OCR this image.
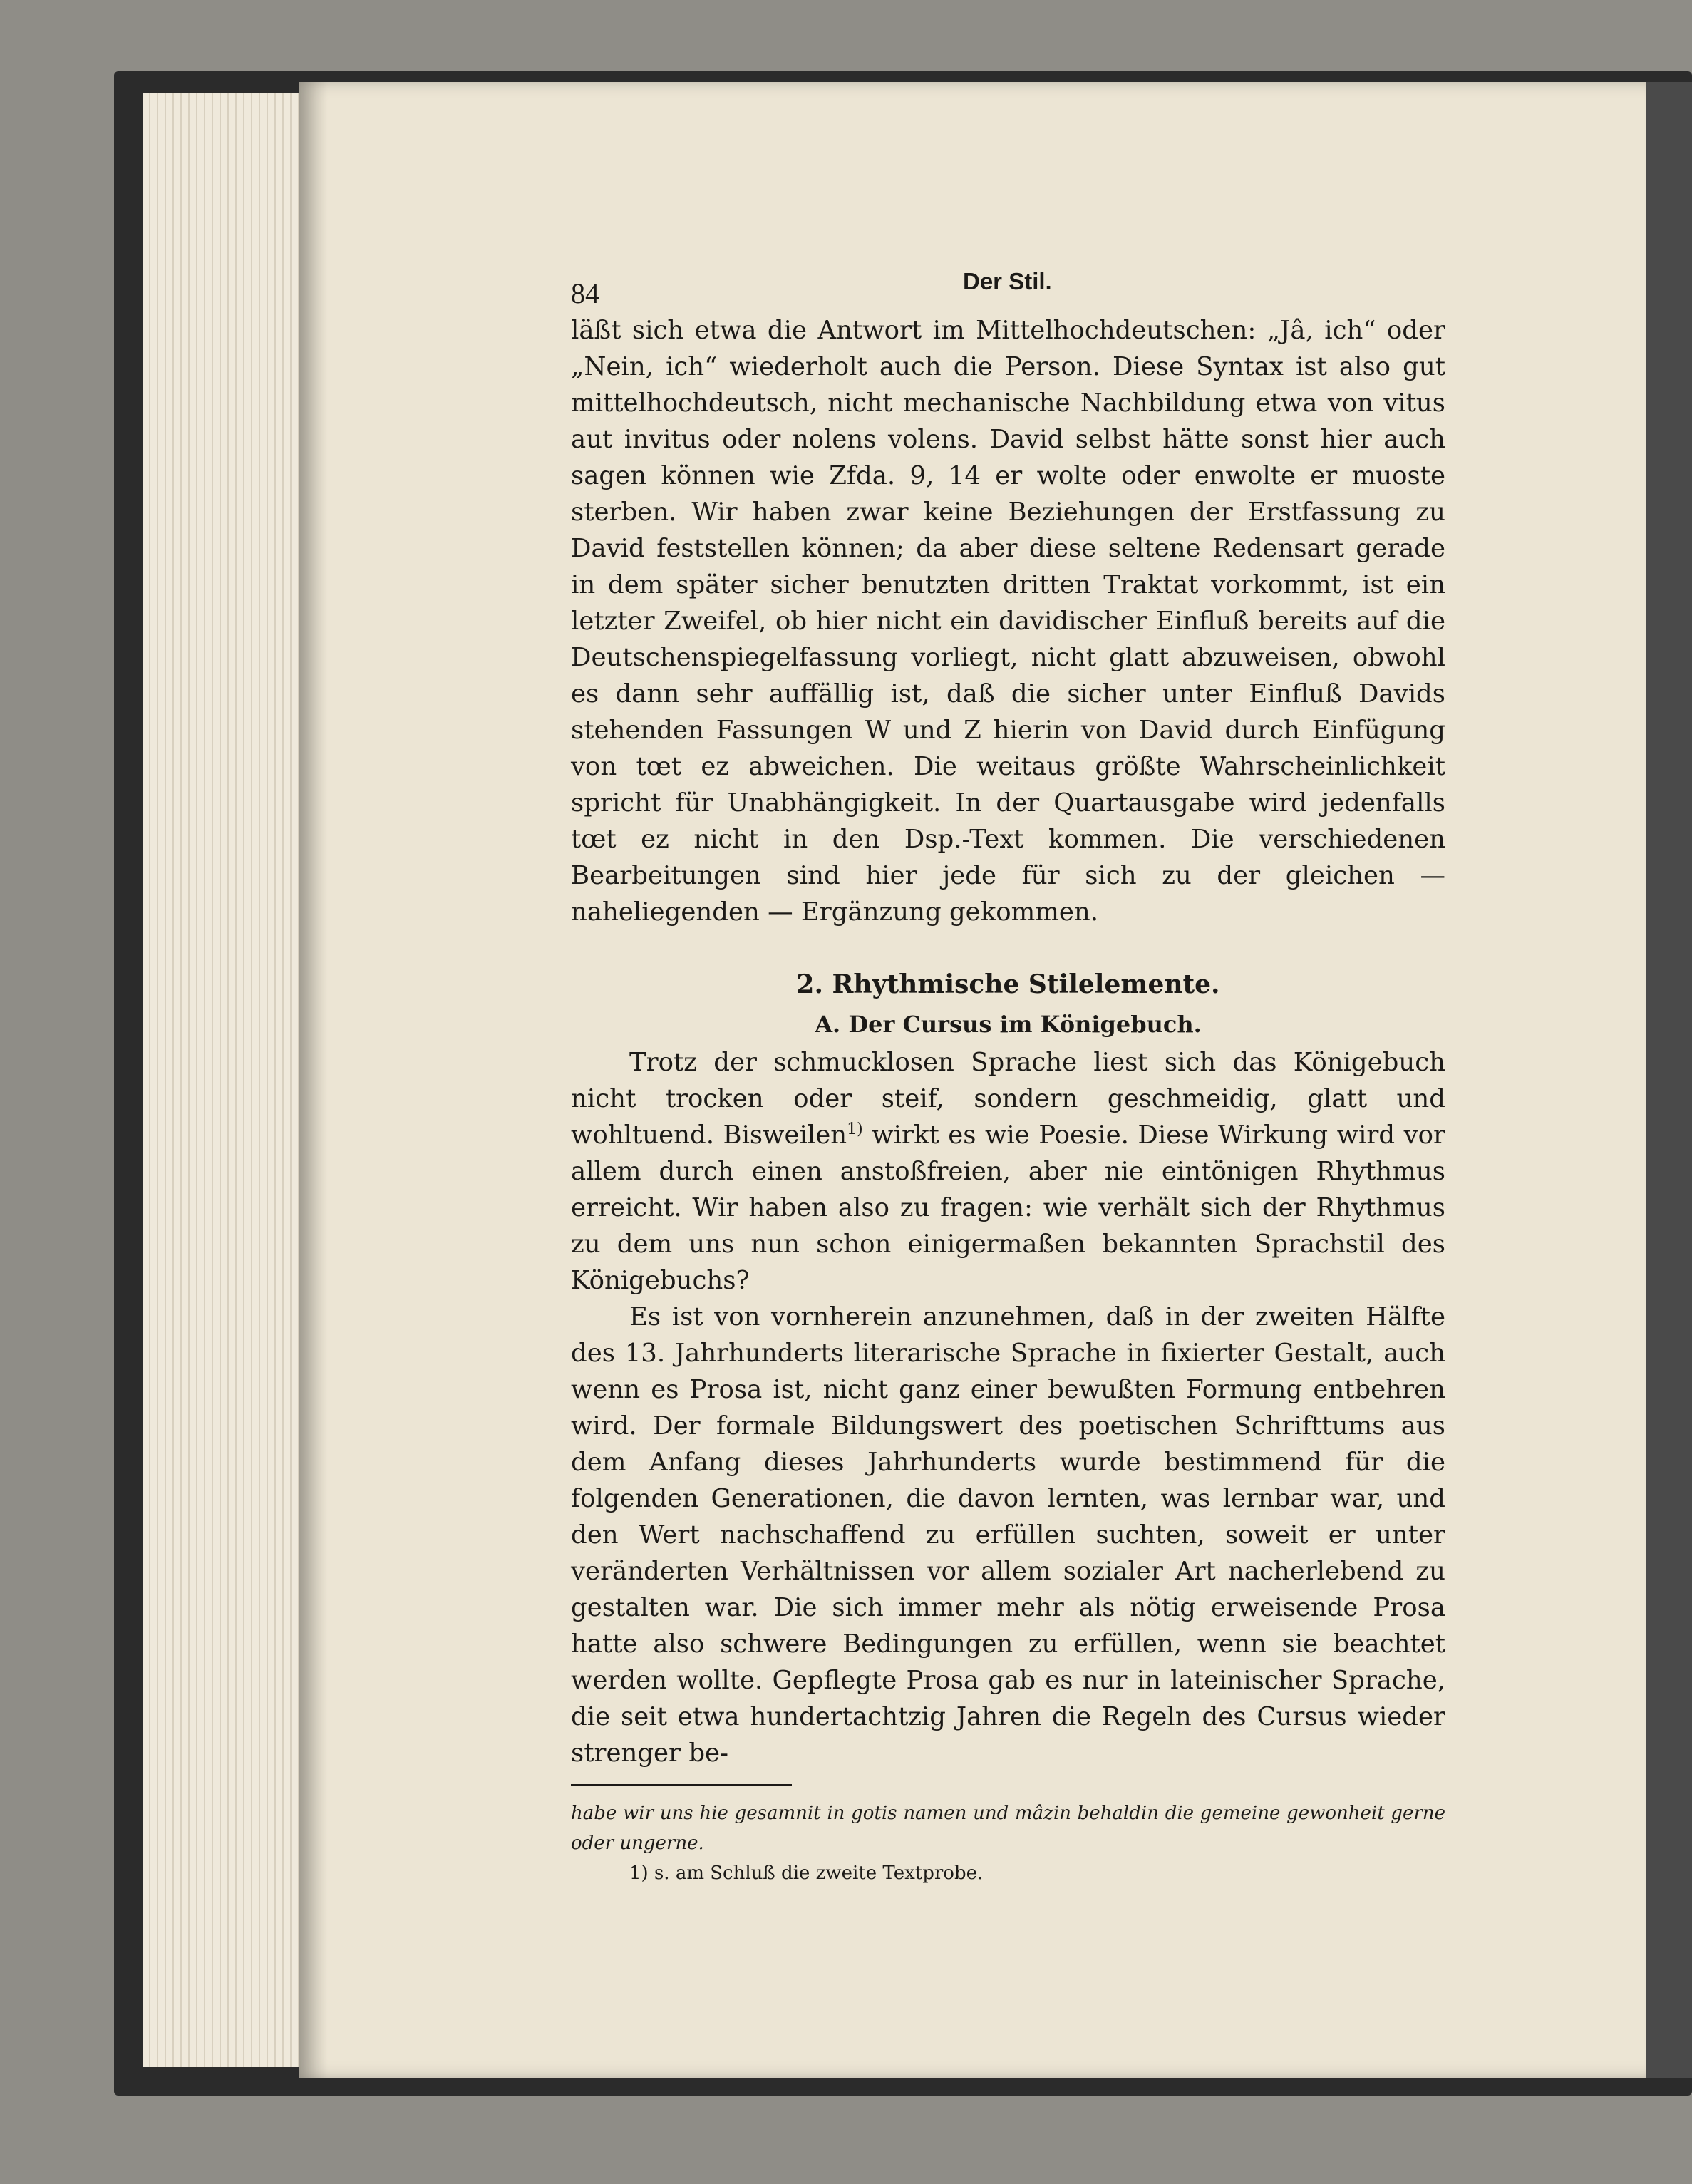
84	Der Stil.

läßt sich etwa die Antwort im Mittelhochdeutschen: „Jâ, ich“ oder „Nein, ich“ wiederholt auch die Person. Diese Syntax ist also gut mittelhochdeutsch, nicht mechanische Nachbildung etwa von vitus aut invitus oder nolens volens. David selbst hätte sonst hier auch sagen können wie Zfda. 9, 14 er wolte oder enwolte er muoste sterben. Wir haben zwar keine Beziehungen der Erstfassung zu David feststellen können; da aber diese seltene Redensart gerade in dem später sicher benutzten dritten Traktat vorkommt, ist ein letzter Zweifel, ob hier nicht ein davidischer Einfluß bereits auf die Deutschenspiegelfassung vorliegt, nicht glatt abzuweisen, obwohl es dann sehr auffällig ist, daß die sicher unter Einfluß Davids stehenden Fassungen W und Z hierin von David durch Einfügung von tœt ez abweichen. Die weitaus größte Wahrscheinlichkeit spricht für Unabhängigkeit. In der Quartausgabe wird jedenfalls tœt ez nicht in den Dsp.-Text kommen. Die verschiedenen Bearbeitungen sind hier jede für sich zu der gleichen — naheliegenden — Ergänzung gekommen.

2. Rhythmische Stilelemente.

A. Der Cursus im Königebuch.

Trotz der schmucklosen Sprache liest sich das Königebuch nicht trocken oder steif, sondern geschmeidig, glatt und wohltuend. Bisweilen$^{1)}$ wirkt es wie Poesie. Diese Wirkung wird vor allem durch einen anstoßfreien, aber nie eintönigen Rhythmus erreicht. Wir haben also zu fragen: wie verhält sich der Rhythmus zu dem uns nun schon einigermaßen bekannten Sprachstil des Königebuchs?

Es ist von vornherein anzunehmen, daß in der zweiten Hälfte des 13. Jahrhunderts literarische Sprache in fixierter Gestalt, auch wenn es Prosa ist, nicht ganz einer bewußten Formung entbehren wird. Der formale Bildungswert des poetischen Schrifttums aus dem Anfang dieses Jahrhunderts wurde bestimmend für die folgenden Generationen, die davon lernten, was lernbar war, und den Wert nachschaffend zu erfüllen suchten, soweit er unter veränderten Verhältnissen vor allem sozialer Art nacherlebend zu gestalten war. Die sich immer mehr als nötig erweisende Prosa hatte also schwere Bedingungen zu erfüllen, wenn sie beachtet werden wollte. Gepflegte Prosa gab es nur in lateinischer Sprache, die seit etwa hundertachtzig Jahren die Regeln des Cursus wieder strenger be-

habe wir uns hie gesamnit in gotis namen und mâzin behaldin die gemeine gewonheit gerne oder ungerne.

1) s. am Schluß die zweite Textprobe.
